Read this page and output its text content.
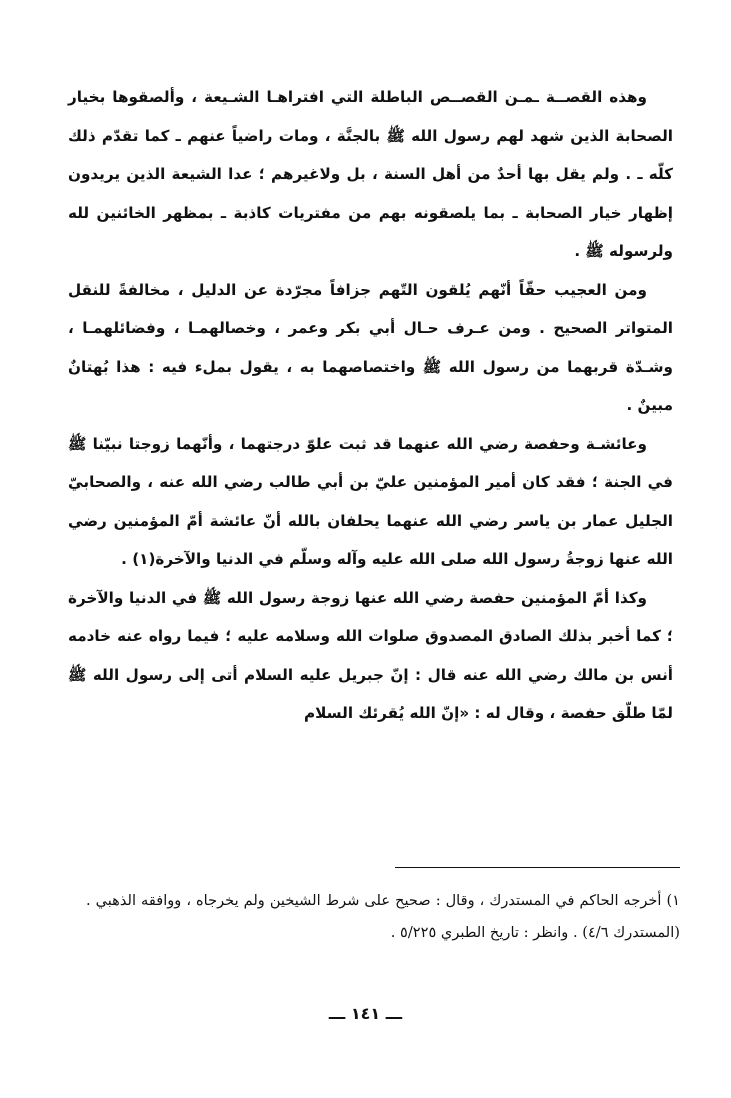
وهذه القصــة ـمـن القصــص الباطلة التي افتراهـا الشـيعة ، وألصقوها بخيار الصحابة الذين شهد لهم رسول الله ﷺ بالجنَّة ، ومات راضياً عنهم ـ كما تقدّم ذلك كلّه ـ . ولم يقل بها أحدٌ من أهل السنة ، بل ولاغيرهم ؛ عدا الشيعة الذين يريدون إظهار خيار الصحابة ـ بما يلصقونه بهم من مفتريات كاذبة ـ بمظهر الخائنين لله ولرسوله ﷺ .

ومن العجيب حقّاً أنّهم يُلقون التّهم جزافاً مجرّدة عن الدليل ، مخالفةً للنقل المتواتر الصحيح . ومن عـرف حـال أبي بكر وعمر ، وخصالهمـا ، وفضائلهمـا ، وشـدّة قربهما من رسول الله ﷺ واختصاصهما به ، يقول بملء فيه : هذا بُهتانٌ مبينٌ .

وعائشـة وحفصة رضي الله عنهما قد ثبت علوّ درجتهما ، وأنّهما زوجتا نبيّنا ﷺ في الجنة ؛ فقد كان أمير المؤمنين عليّ بن أبي طالب رضي الله عنه ، والصحابيّ الجليل عمار بن ياسر رضي الله عنهما يحلفان بالله أنّ عائشة أمّ المؤمنين رضي الله عنها زوجةُ رسول الله صلى الله عليه وآله وسلّم في الدنيا والآخرة(١) .

وكذا أمّ المؤمنين حفصة رضي الله عنها زوجة رسول الله ﷺ في الدنيا والآخرة ؛ كما أخبر بذلك الصادق المصدوق صلوات الله وسلامه عليه ؛ فيما رواه عنه خادمه أنس بن مالك رضي الله عنه قال : إنّ جبريل عليه السلام أتى إلى رسول الله ﷺ لمّا طلّق حفصة ، وقال له : «إنّ الله يُقرئك السلام

١) أخرجه الحاكم في المستدرك ، وقال : صحيح على شرط الشيخين ولم يخرجاه ، ووافقه الذهبي . (المستدرك ٤/٦) . وانظر : تاريخ الطبري ٥/٢٢٥ .

ـــ ١٤١ ـــ
